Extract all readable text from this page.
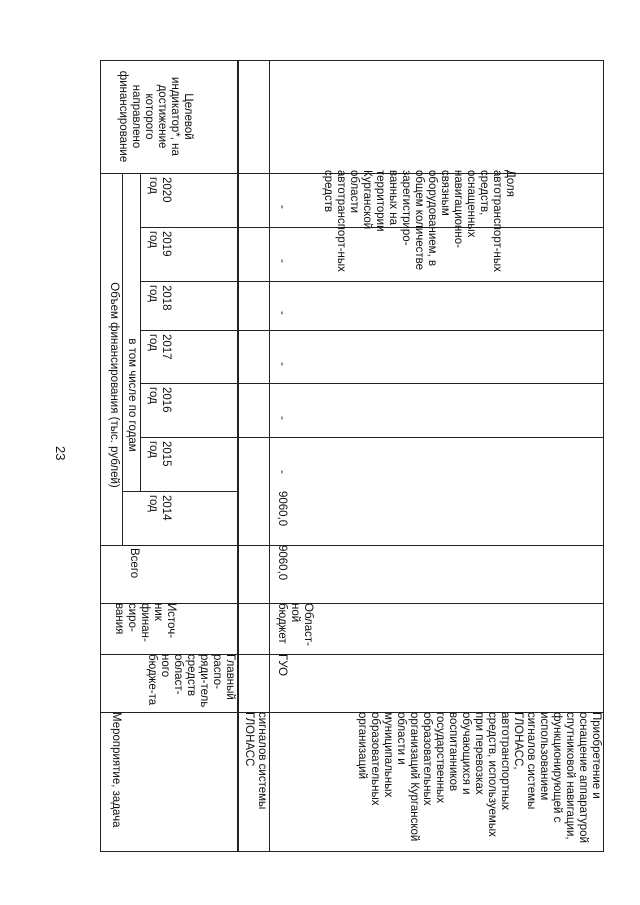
23
Мероприятие, задача
Главный распо-ряди-тель средств област-ного бюдже-та
Источ-ник финан-сиро-вания
Всего
Объем финансирования (тыс. рублей) в том числе по годам
2014 год
2015 год
2016 год
2017 год
2018 год
2019 год
2020 год
Целевой индикатор*, на достижение которого направлено финансирование
сигналов системы ГЛОНАСС	Приобретение и оснащение аппаратурой спутниковой навигации, функционирующей с использованием сигналов системы ГЛОНАСС, автотранспортных средств, используемых при перевозках обучающихся и воспитанников государственных образовательных организаций Курганской области и муниципальных образовательных организаций
ГУО
Област-ной бюджет
9060,0
9060,0
-
-
-
-
-
-
Доля автотранспорт-ных средств, оснащенных навигационно-связным оборудованием, в общем количестве зарегистриро-ванных на территории Курганской области автотранспорт-ных средств
